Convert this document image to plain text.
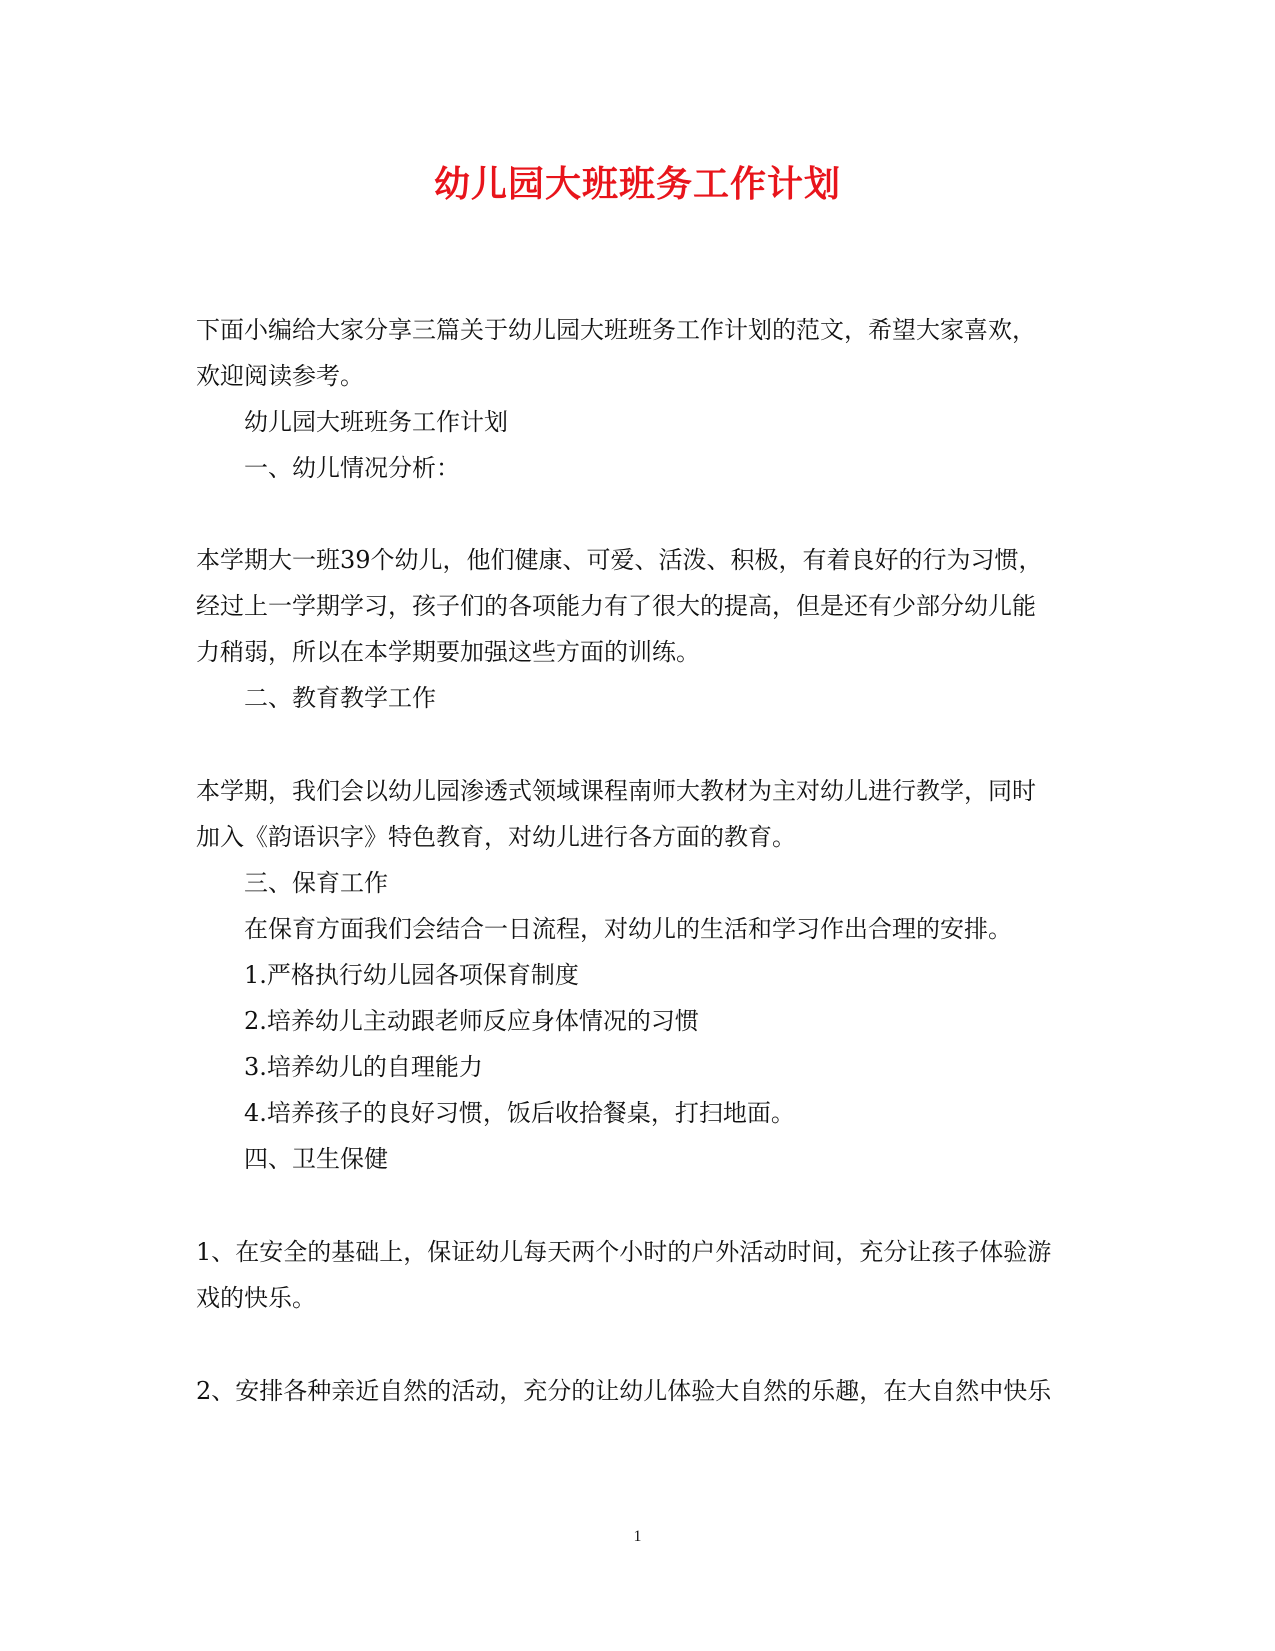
幼儿园大班班务工作计划
下面小编给大家分享三篇关于幼儿园大班班务工作计划的范文，希望大家喜欢，
欢迎阅读参考。
幼儿园大班班务工作计划
一、幼儿情况分析：
本学期大一班39个幼儿，他们健康、可爱、活泼、积极，有着良好的行为习惯，
经过上一学期学习，孩子们的各项能力有了很大的提高，但是还有少部分幼儿能
力稍弱，所以在本学期要加强这些方面的训练。
二、教育教学工作
本学期，我们会以幼儿园渗透式领域课程南师大教材为主对幼儿进行教学，同时
加入《韵语识字》特色教育，对幼儿进行各方面的教育。
三、保育工作
在保育方面我们会结合一日流程，对幼儿的生活和学习作出合理的安排。
1.严格执行幼儿园各项保育制度
2.培养幼儿主动跟老师反应身体情况的习惯
3.培养幼儿的自理能力
4.培养孩子的良好习惯，饭后收拾餐桌，打扫地面。
四、卫生保健
1、在安全的基础上，保证幼儿每天两个小时的户外活动时间，充分让孩子体验游
戏的快乐。
2、安排各种亲近自然的活动，充分的让幼儿体验大自然的乐趣，在大自然中快乐
1
